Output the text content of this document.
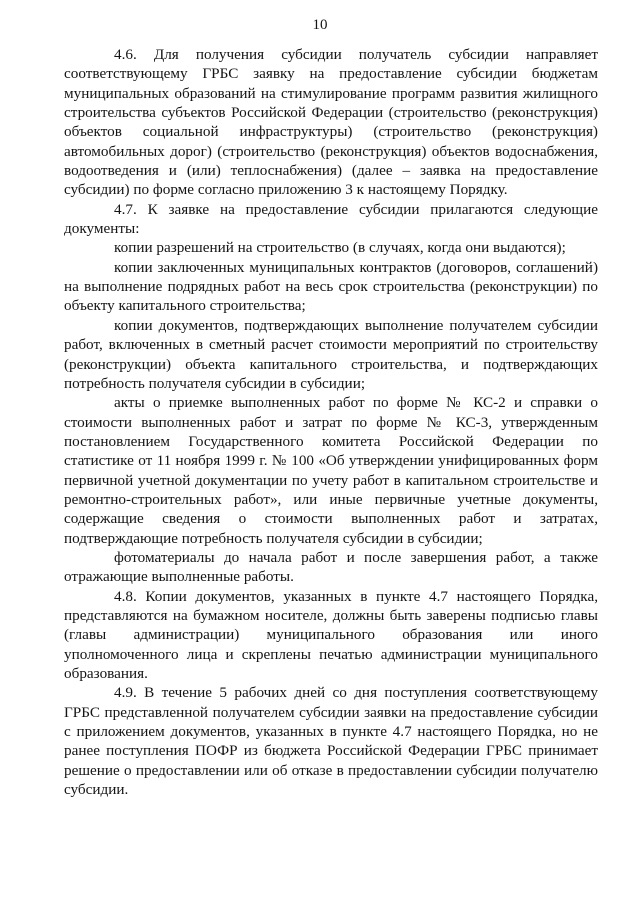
10

4.6. Для получения субсидии получатель субсидии направляет соответствующему ГРБС заявку на предоставление субсидии бюджетам муниципальных образований на стимулирование программ развития жилищного строительства субъектов Российской Федерации (строительство (реконструкция) объектов социальной инфраструктуры) (строительство (реконструкция) автомобильных дорог) (строительство (реконструкция) объектов водоснабжения, водоотведения и (или) теплоснабжения) (далее – заявка на предоставление субсидии) по форме согласно приложению 3 к настоящему Порядку.

4.7. К заявке на предоставление субсидии прилагаются следующие документы:

копии разрешений на строительство (в случаях, когда они выдаются);

копии заключенных муниципальных контрактов (договоров, соглашений) на выполнение подрядных работ на весь срок строительства (реконструкции) по объекту капитального строительства;

копии документов, подтверждающих выполнение получателем субсидии работ, включенных в сметный расчет стоимости мероприятий по строительству (реконструкции) объекта капитального строительства, и подтверждающих потребность получателя субсидии в субсидии;

акты о приемке выполненных работ по форме № КС-2 и справки о стоимости выполненных работ и затрат по форме № КС-3, утвержденным постановлением Государственного комитета Российской Федерации по статистике от 11 ноября 1999 г. № 100 «Об утверждении унифицированных форм первичной учетной документации по учету работ в капитальном строительстве и ремонтно-строительных работ», или иные первичные учетные документы, содержащие сведения о стоимости выполненных работ и затратах, подтверждающие потребность получателя субсидии в субсидии;

фотоматериалы до начала работ и после завершения работ, а также отражающие выполненные работы.

4.8. Копии документов, указанных в пункте 4.7 настоящего Порядка, представляются на бумажном носителе, должны быть заверены подписью главы (главы администрации) муниципального образования или иного уполномоченного лица и скреплены печатью администрации муниципального образования.

4.9. В течение 5 рабочих дней со дня поступления соответствующему ГРБС представленной получателем субсидии заявки на предоставление субсидии с приложением документов, указанных в пункте 4.7 настоящего Порядка, но не ранее поступления ПОФР из бюджета Российской Федерации ГРБС принимает решение о предоставлении или об отказе в предоставлении субсидии получателю субсидии.
